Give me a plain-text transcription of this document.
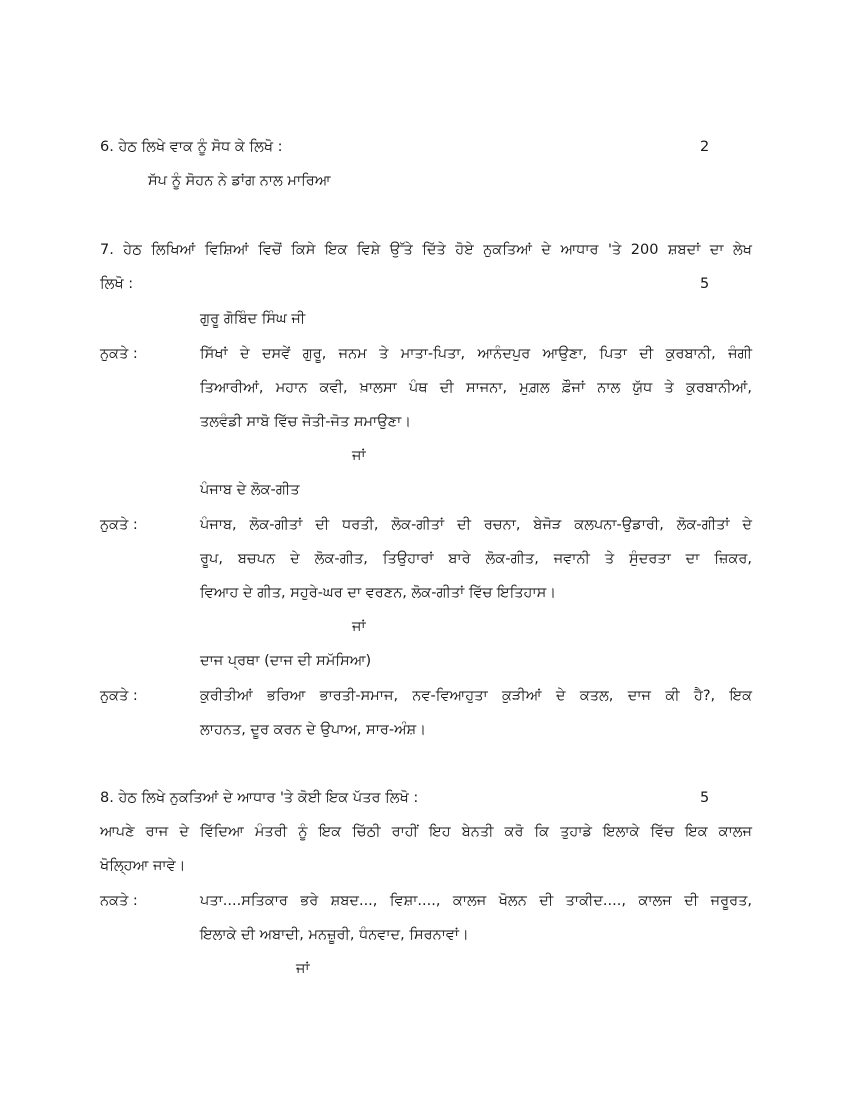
6. ਹੇਠ ਲਿਖੇ ਵਾਕ ਨੂੰ ਸੋਧ ਕੇ ਲਿਖੋ :	2
ਸੱਪ ਨੂੰ ਸੋਹਨ ਨੇ ਡਾਂਗ ਨਾਲ ਮਾਰਿਆ
7. ਹੇਠ ਲਿਖਿਆਂ ਵਿਸ਼ਿਆਂ ਵਿਚੋਂ ਕਿਸੇ ਇਕ ਵਿਸ਼ੇ ਉੱਤੇ ਦਿੱਤੇ ਹੋਏ ਨੁਕਤਿਆਂ ਦੇ ਆਧਾਰ 'ਤੇ 200 ਸ਼ਬਦਾਂ ਦਾ ਲੇਖ
ਲਿਖੋ :	5
ਗੁਰੂ ਗੋਬਿੰਦ ਸਿੰਘ ਜੀ
ਨੁਕਤੇ :	ਸਿੱਖਾਂ ਦੇ ਦਸਵੇਂ ਗੁਰੂ, ਜਨਮ ਤੇ ਮਾਤਾ-ਪਿਤਾ, ਆਨੰਦਪੁਰ ਆਉਣਾ, ਪਿਤਾ ਦੀ ਕੁਰਬਾਨੀ, ਜੰਗੀ
ਤਿਆਰੀਆਂ, ਮਹਾਨ ਕਵੀ, ਖ਼ਾਲਸਾ ਪੰਥ ਦੀ ਸਾਜਨਾ, ਮੁਗ਼ਲ ਫ਼ੌਜਾਂ ਨਾਲ ਯੁੱਧ ਤੇ ਕੁਰਬਾਨੀਆਂ,
ਤਲਵੰਡੀ ਸਾਬੋ ਵਿੱਚ ਜੋਤੀ-ਜੋਤ ਸਮਾਉਣਾ।
ਜਾਂ
ਪੰਜਾਬ ਦੇ ਲੋਕ-ਗੀਤ
ਨੁਕਤੇ :	ਪੰਜਾਬ, ਲੋਕ-ਗੀਤਾਂ ਦੀ ਧਰਤੀ, ਲੋਕ-ਗੀਤਾਂ ਦੀ ਰਚਨਾ, ਬੇਜੋੜ ਕਲਪਨਾ-ਉਡਾਰੀ, ਲੋਕ-ਗੀਤਾਂ ਦੇ
ਰੂਪ, ਬਚਪਨ ਦੇ ਲੋਕ-ਗੀਤ, ਤਿਉਹਾਰਾਂ ਬਾਰੇ ਲੋਕ-ਗੀਤ, ਜਵਾਨੀ ਤੇ ਸੁੰਦਰਤਾ ਦਾ ਜ਼ਿਕਰ,
ਵਿਆਹ ਦੇ ਗੀਤ, ਸਹੁਰੇ-ਘਰ ਦਾ ਵਰਣਨ, ਲੋਕ-ਗੀਤਾਂ ਵਿੱਚ ਇਤਿਹਾਸ।
ਜਾਂ
ਦਾਜ ਪ੍ਰਥਾ (ਦਾਜ ਦੀ ਸਮੱਸਿਆ)
ਨੁਕਤੇ :	ਕੁਰੀਤੀਆਂ ਭਰਿਆ ਭਾਰਤੀ-ਸਮਾਜ, ਨਵ-ਵਿਆਹੁਤਾ ਕੁੜੀਆਂ ਦੇ ਕਤਲ, ਦਾਜ ਕੀ ਹੈ?, ਇਕ
ਲਾਹਨਤ, ਦੂਰ ਕਰਨ ਦੇ ਉਪਾਅ, ਸਾਰ-ਅੰਸ਼।
8. ਹੇਠ ਲਿਖੇ ਨੁਕਤਿਆਂ ਦੇ ਆਧਾਰ 'ਤੇ ਕੋਈ ਇਕ ਪੱਤਰ ਲਿਖੋ :	5
ਆਪਣੇ ਰਾਜ ਦੇ ਵਿੱਦਿਆ ਮੰਤਰੀ ਨੂੰ ਇਕ ਚਿੱਠੀ ਰਾਹੀਂ ਇਹ ਬੇਨਤੀ ਕਰੋ ਕਿ ਤੁਹਾਡੇ ਇਲਾਕੇ ਵਿੱਚ ਇਕ ਕਾਲਜ
ਖੋਲ੍ਹਿਆ ਜਾਵੇ।
ਨਕਤੇ :	ਪਤਾ....ਸਤਿਕਾਰ ਭਰੇ ਸ਼ਬਦ..., ਵਿਸ਼ਾ...., ਕਾਲਜ ਖੋਲਨ ਦੀ ਤਾਕੀਦ...., ਕਾਲਜ ਦੀ ਜਰੂਰਤ,
ਇਲਾਕੇ ਦੀ ਅਬਾਦੀ, ਮਨਜ਼ੂਰੀ, ਧੰਨਵਾਦ, ਸਿਰਨਾਵਾਂ।
ਜਾਂ
